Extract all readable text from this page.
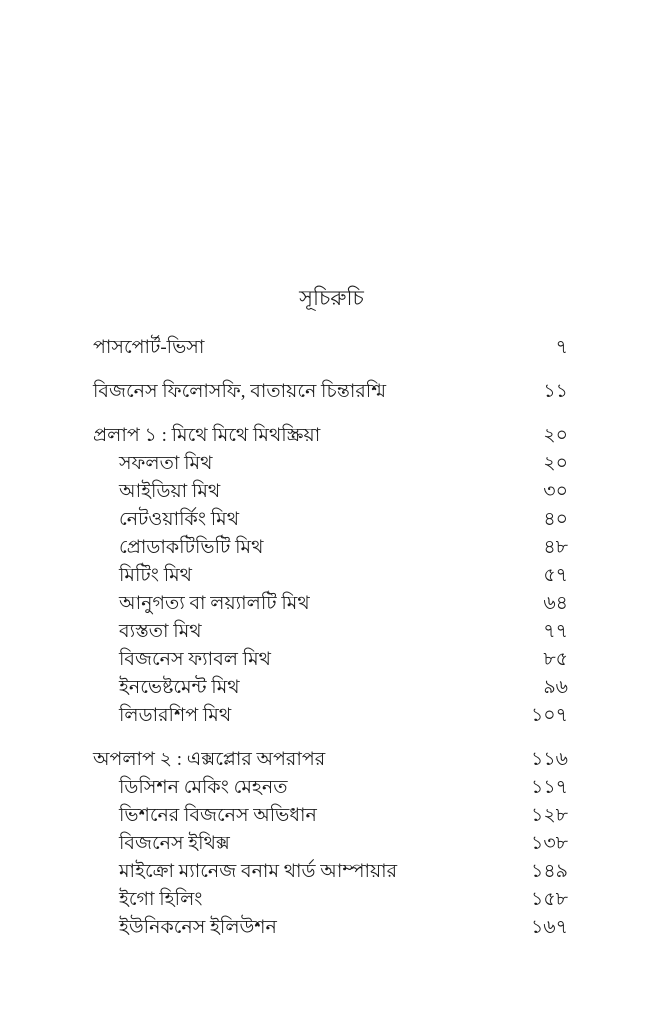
সূচিরুচি
পাসপোর্ট-ভিসা	৭
বিজনেস ফিলোসফি, বাতায়নে চিন্তারশ্মি	১১
প্রলাপ ১ : মিথে মিথে মিথস্ক্রিয়া	২০
সফলতা মিথ	২০
আইডিয়া মিথ	৩০
নেটওয়ার্কিং মিথ	৪০
প্রোডাকটিভিটি মিথ	৪৮
মিটিং মিথ	৫৭
আনুগত্য বা লয়্যালটি মিথ	৬৪
ব্যস্ততা মিথ	৭৭
বিজনেস ফ্যাবল মিথ	৮৫
ইনভেষ্টমেন্ট মিথ	৯৬
লিডারশিপ মিথ	১০৭
অপলাপ ২ : এক্সপ্লোর অপরাপর	১১৬
ডিসিশন মেকিং মেহনত	১১৭
ভিশনের বিজনেস অভিধান	১২৮
বিজনেস ইথিক্স	১৩৮
মাইক্রো ম্যানেজ বনাম থার্ড আম্পায়ার	১৪৯
ইগো হিলিং	১৫৮
ইউনিকনেস ইলিউশন	১৬৭
